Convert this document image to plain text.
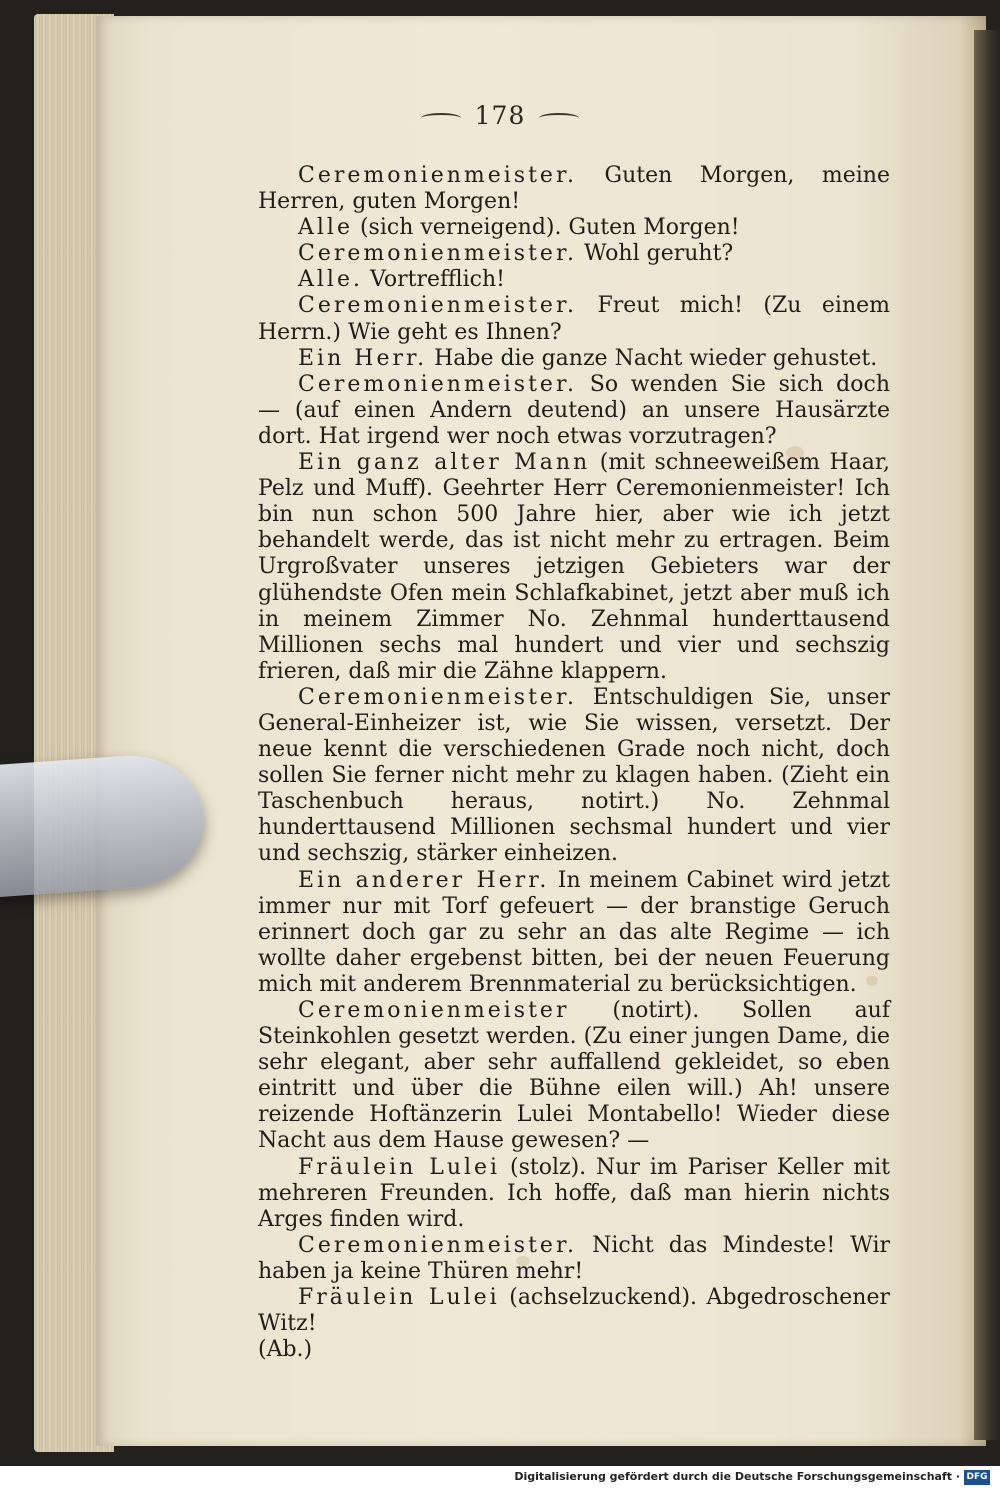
178

Ceremonienmeister. Guten Morgen, meine Herren, guten Morgen!

Alle (sich verneigend). Guten Morgen!

Ceremonienmeister. Wohl geruht?

Alle. Vortrefflich!

Ceremonienmeister. Freut mich! (Zu einem Herrn.) Wie geht es Ihnen?

Ein Herr. Habe die ganze Nacht wieder gehustet.

Ceremonienmeister. So wenden Sie sich doch — (auf einen Andern deutend) an unsere Hausärzte dort. Hat irgend wer noch etwas vorzutragen?

Ein ganz alter Mann (mit schneeweißem Haar, Pelz und Muff). Geehrter Herr Ceremonienmeister! Ich bin nun schon 500 Jahre hier, aber wie ich jetzt behandelt werde, das ist nicht mehr zu ertragen. Beim Urgroßvater unseres jetzigen Gebieters war der glühendste Ofen mein Schlafkabinet, jetzt aber muß ich in meinem Zimmer No. Zehnmal hunderttausend Millionen sechs mal hundert und vier und sechszig frieren, daß mir die Zähne klappern.

Ceremonienmeister. Entschuldigen Sie, unser General-Einheizer ist, wie Sie wissen, versetzt. Der neue kennt die verschiedenen Grade noch nicht, doch sollen Sie ferner nicht mehr zu klagen haben. (Zieht ein Taschenbuch heraus, notirt.) No. Zehnmal hunderttausend Millionen sechsmal hundert und vier und sechszig, stärker einheizen.

Ein anderer Herr. In meinem Cabinet wird jetzt immer nur mit Torf gefeuert — der branstige Geruch erinnert doch gar zu sehr an das alte Regime — ich wollte daher ergebenst bitten, bei der neuen Feuerung mich mit anderem Brennmaterial zu berücksichtigen.

Ceremonienmeister (notirt). Sollen auf Steinkohlen gesetzt werden. (Zu einer jungen Dame, die sehr elegant, aber sehr auffallend gekleidet, so eben eintritt und über die Bühne eilen will.) Ah! unsere reizende Hoftänzerin Lulei Montabello! Wieder diese Nacht aus dem Hause gewesen? —

Fräulein Lulei (stolz). Nur im Pariser Keller mit mehreren Freunden. Ich hoffe, daß man hierin nichts Arges finden wird.

Ceremonienmeister. Nicht das Mindeste! Wir haben ja keine Thüren mehr!

Fräulein Lulei (achselzuckend). Abgedroschener Witz!

(Ab.)

Digitalisierung gefördert durch die Deutsche Forschungsgemeinschaft · DFG
